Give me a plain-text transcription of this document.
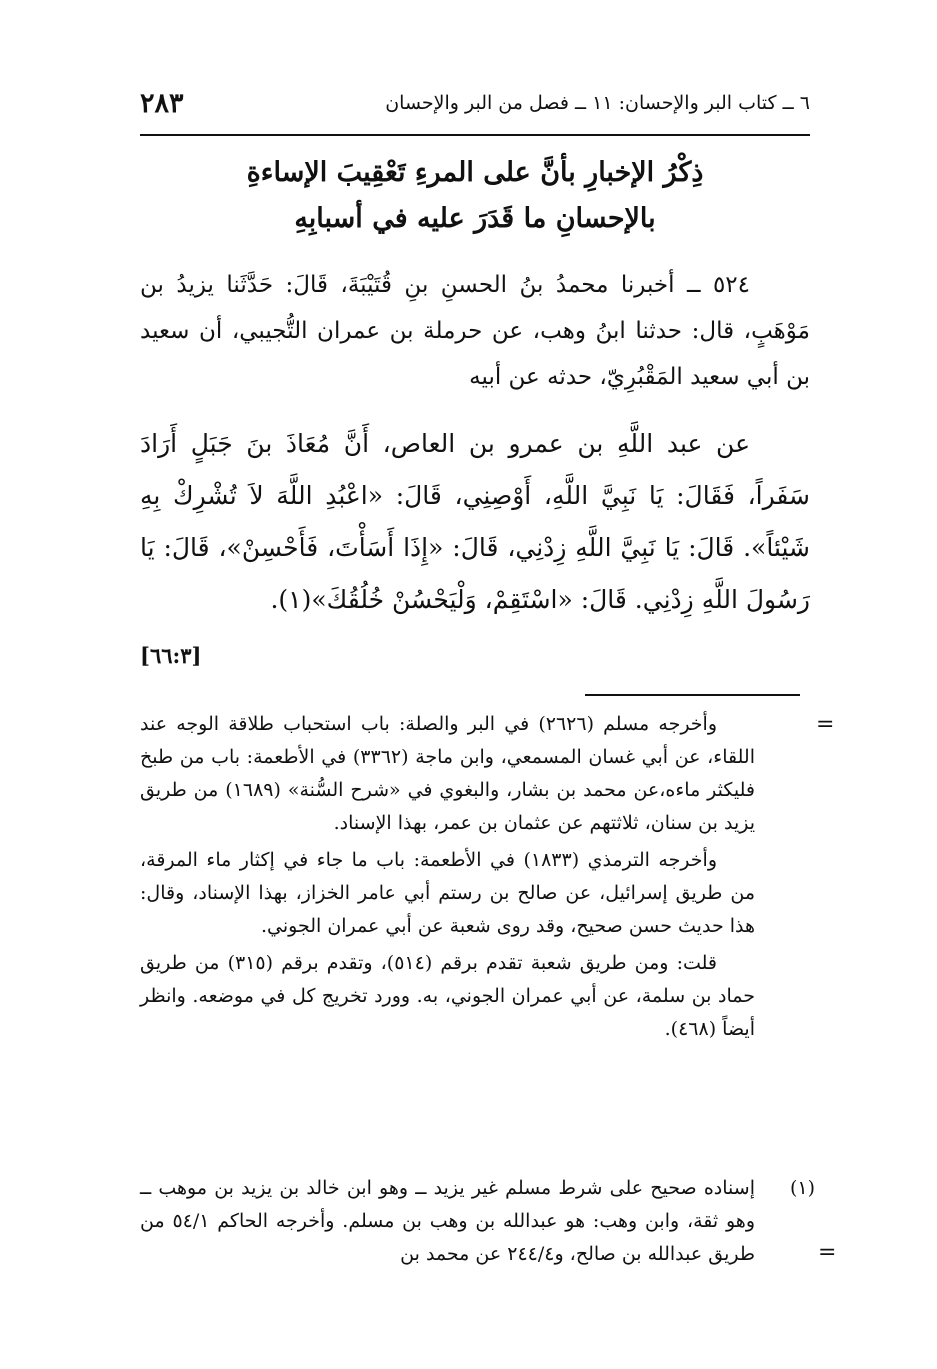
٦ ــ كتاب البر والإحسان: ١١ ــ فصل من البر والإحسان
٢٨٣
ذِكْرُ الإخبارِ بأنَّ على المرءِ تَعْقِيبَ الإساءةِ
بالإحسانِ ما قَدَرَ عليه في أسبابِهِ
٥٢٤ ــ أخبرنا محمدُ بنُ الحسنِ بنِ قُتَيْبَةَ، قَالَ: حَدَّثَنا يزيدُ بن مَوْهَبٍ، قال: حدثنا ابنُ وهب، عن حرملة بن عمران التُّجيبي، أن سعيد بن أبي سعيد المَقْبُرِيّ، حدثه عن أبيه
عن عبد اللَّهِ بن عمرو بن العاص، أَنَّ مُعَاذَ بنَ جَبَلٍ أَرَادَ سَفَراً، فَقَالَ: يَا نَبِيَّ اللَّهِ، أَوْصِنِي، قَالَ: «اعْبُدِ اللَّهَ لاَ تُشْرِكْ بِهِ شَيْئاً». قَالَ: يَا نَبِيَّ اللَّهِ زِدْنِي، قَالَ: «إِذَا أَسَأْتَ، فَأَحْسِنْ»، قَالَ: يَا رَسُولَ اللَّهِ زِدْنِي. قَالَ: «اسْتَقِمْ، وَلْيَحْسُنْ خُلُقُكَ»(١).
[٦٦:٣]
=

وأخرجه مسلم (٢٦٢٦) في البر والصلة: باب استحباب طلاقة الوجه عند اللقاء، عن أبي غسان المسمعي، وابن ماجة (٣٣٦٢) في الأطعمة: باب من طبخ فليكثر ماءه،عن محمد بن بشار، والبغوي في «شرح السُّنة» (١٦٨٩) من طريق يزيد بن سنان، ثلاثتهم عن عثمان بن عمر، بهذا الإسناد.

وأخرجه الترمذي (١٨٣٣) في الأطعمة: باب ما جاء في إكثار ماء المرقة، من طريق إسرائيل، عن صالح بن رستم أبي عامر الخزاز، بهذا الإسناد، وقال: هذا حديث حسن صحيح، وقد روى شعبة عن أبي عمران الجوني.

قلت: ومن طريق شعبة تقدم برقم (٥١٤)، وتقدم برقم (٣١٥) من طريق حماد بن سلمة، عن أبي عمران الجوني، به. وورد تخريج كل في موضعه. وانظر أيضاً (٤٦٨).

(١)
إسناده صحيح على شرط مسلم غير يزيد ــ وهو ابن خالد بن يزيد بن موهب ــ وهو ثقة، وابن وهب: هو عبدالله بن وهب بن مسلم. وأخرجه الحاكم ٥٤/١ من طريق عبدالله بن صالح، و٢٤٤/٤ عن محمد بن	=
